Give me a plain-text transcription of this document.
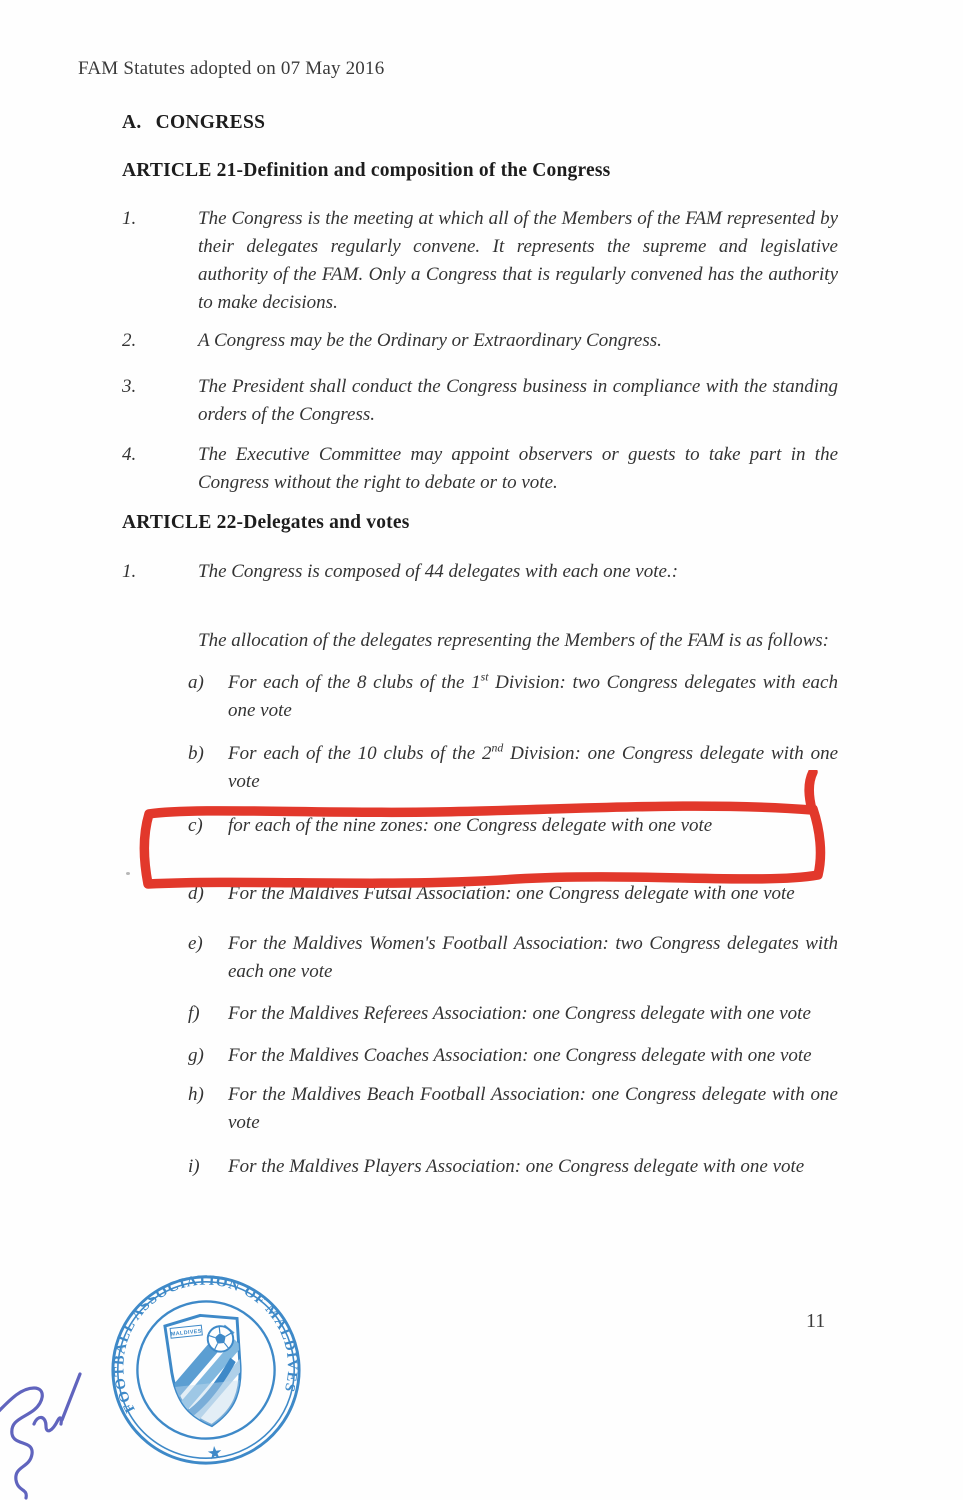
FAM Statutes adopted on 07 May 2016
A. CONGRESS
ARTICLE 21-Definition and composition of the Congress
1.	The Congress is the meeting at which all of the Members of the FAM represented by their delegates regularly convene. It represents the supreme and legislative authority of the FAM. Only a Congress that is regularly convened has the authority to make decisions.
2.	A Congress may be the Ordinary or Extraordinary Congress.
3.	The President shall conduct the Congress business in compliance with the standing orders of the Congress.
4.	The Executive Committee may appoint observers or guests to take part in the Congress without the right to debate or to vote.
ARTICLE 22-Delegates and votes
1.	The Congress is composed of 44 delegates with each one vote.:
The allocation of the delegates representing the Members of the FAM is as follows:
a)	For each of the 8 clubs of the 1st Division: two Congress delegates with each one vote
b)	For each of the 10 clubs of the 2nd Division: one Congress delegate with one vote
c)	for each of the nine zones: one Congress delegate with one vote
d)	For the Maldives Futsal Association: one Congress delegate with one vote
e)	For the Maldives Women's Football Association: two Congress delegates with each one vote
f)	For the Maldives Referees Association: one Congress delegate with one vote
g)	For the Maldives Coaches Association: one Congress delegate with one vote
h)	For the Maldives Beach Football Association: one Congress delegate with one vote
i)	For the Maldives Players Association: one Congress delegate with one vote
FOOTBALL ASSOCIATION OF MALDIVES
★
MALDIVES
11
